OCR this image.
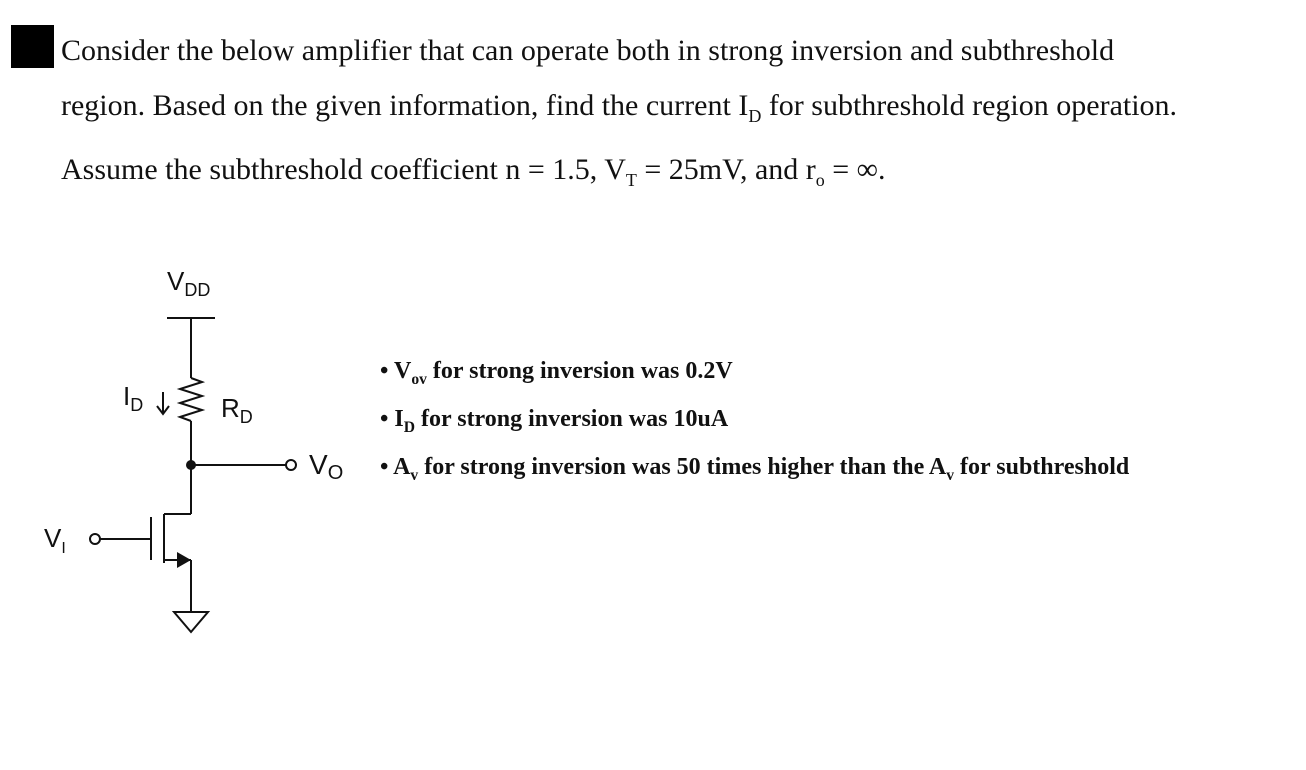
Consider the below amplifier that can operate both in strong inversion and subthreshold

region. Based on the given information, find the current $I_D$ for subthreshold region operation.

Assume the subthreshold coefficient n = 1.5, $V_T = 25mV$, and $r_o$ = ∞.

$V_{DD}$
$I_D$	$R_D$
VO
$V_I$
• $V_{ov}$ for strong inversion was 0.2V
• $I_D$ for strong inversion was 10uA
• $A_v$ for strong inversion was 50 times higher than the $A_v$ for subthreshold
